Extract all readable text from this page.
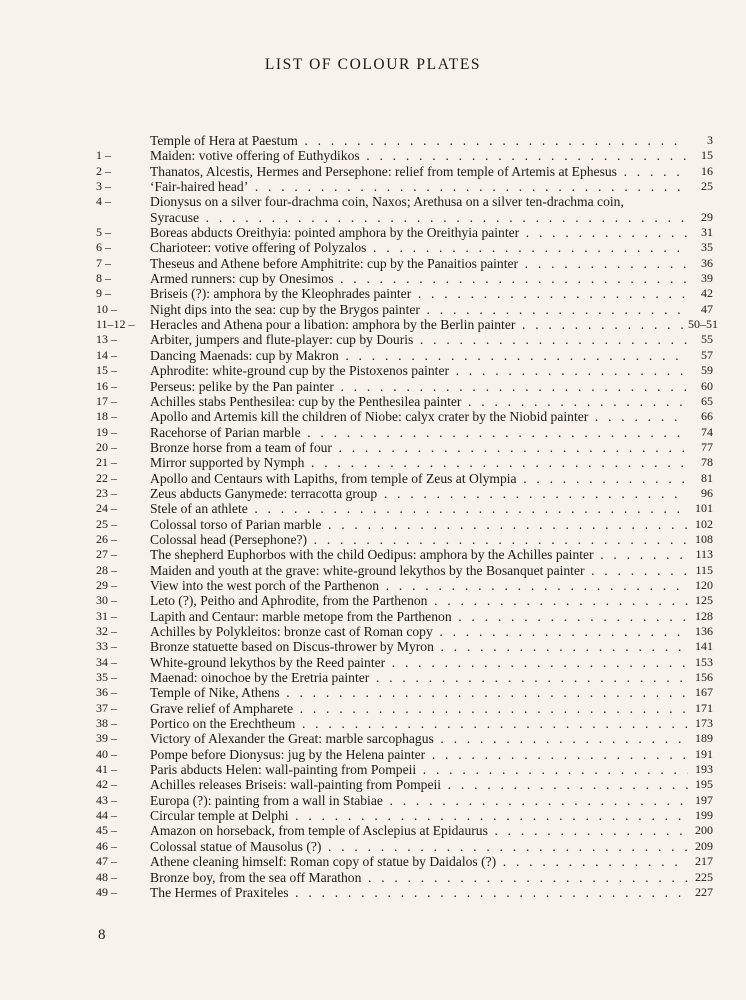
LIST OF COLOUR PLATES
Temple of Hera at Paestum . . .	3
1 –	Maiden: votive offering of Euthydikos . . .	15
2 –	Thanatos, Alcestis, Hermes and Persephone: relief from temple of Artemis at Ephesus . . .	16
3 –	‘Fair-haired head’ . . .	25
4 –	Dionysus on a silver four-drachma coin, Naxos; Arethusa on a silver ten-drachma coin,
Syracuse . . .	29
5 –	Boreas abducts Oreithyia: pointed amphora by the Oreithyia painter . . .	31
6 –	Charioteer: votive offering of Polyzalos . . .	35
7 –	Theseus and Athene before Amphitrite: cup by the Panaitios painter . . .	36
8 –	Armed runners: cup by Onesimos . . .	39
9 –	Briseis (?): amphora by the Kleophrades painter . . .	42
10 –	Night dips into the sea: cup by the Brygos painter . . .	47
11–12 –	Heracles and Athena pour a libation: amphora by the Berlin painter . . .	50–51
13 –	Arbiter, jumpers and flute-player: cup by Douris . . .	55
14 –	Dancing Maenads: cup by Makron . . .	57
15 –	Aphrodite: white-ground cup by the Pistoxenos painter . . .	59
16 –	Perseus: pelike by the Pan painter . . .	60
17 –	Achilles stabs Penthesilea: cup by the Penthesilea painter . . .	65
18 –	Apollo and Artemis kill the children of Niobe: calyx crater by the Niobid painter . . .	66
19 –	Racehorse of Parian marble . . .	74
20 –	Bronze horse from a team of four . . .	77
21 –	Mirror supported by Nymph . . .	78
22 –	Apollo and Centaurs with Lapiths, from temple of Zeus at Olympia . . .	81
23 –	Zeus abducts Ganymede: terracotta group . . .	96
24 –	Stele of an athlete . . .	101
25 –	Colossal torso of Parian marble . . .	102
26 –	Colossal head (Persephone?) . . .	108
27 –	The shepherd Euphorbos with the child Oedipus: amphora by the Achilles painter . . .	113
28 –	Maiden and youth at the grave: white-ground lekythos by the Bosanquet painter . . .	115
29 –	View into the west porch of the Parthenon . . .	120
30 –	Leto (?), Peitho and Aphrodite, from the Parthenon . . .	125
31 –	Lapith and Centaur: marble metope from the Parthenon . . .	128
32 –	Achilles by Polykleitos: bronze cast of Roman copy . . .	136
33 –	Bronze statuette based on Discus-thrower by Myron . . .	141
34 –	White-ground lekythos by the Reed painter . . .	153
35 –	Maenad: oinochoe by the Eretria painter . . .	156
36 –	Temple of Nike, Athens . . .	167
37 –	Grave relief of Ampharete . . .	171
38 –	Portico on the Erechtheum . . .	173
39 –	Victory of Alexander the Great: marble sarcophagus . . .	189
40 –	Pompe before Dionysus: jug by the Helena painter . . .	191
41 –	Paris abducts Helen: wall-painting from Pompeii . . .	193
42 –	Achilles releases Briseis: wall-painting from Pompeii . . .	195
43 –	Europa (?): painting from a wall in Stabiae . . .	197
44 –	Circular temple at Delphi . . .	199
45 –	Amazon on horseback, from temple of Asclepius at Epidaurus . . .	200
46 –	Colossal statue of Mausolus (?) . . .	209
47 –	Athene cleaning himself: Roman copy of statue by Daidalos (?) . . .	217
48 –	Bronze boy, from the sea off Marathon . . .	225
49 –	The Hermes of Praxiteles . . .	227

8
